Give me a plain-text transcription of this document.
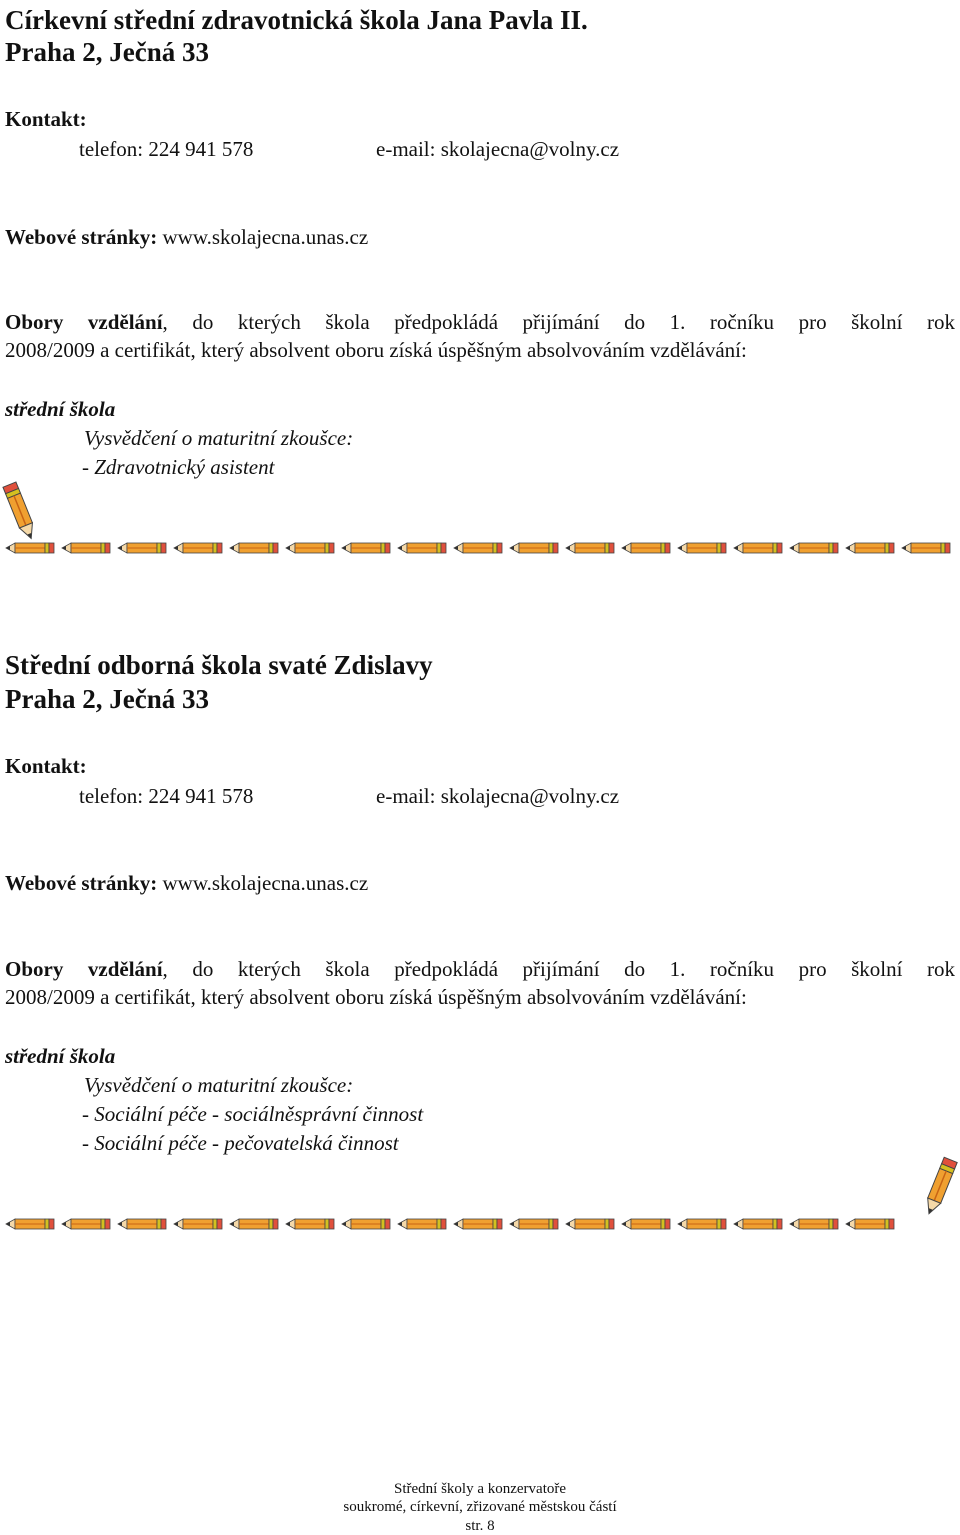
Církevní střední zdravotnická škola Jana Pavla II.
Praha 2, Ječná 33
Kontakt:
telefon: 224 941 578	e-mail: skolajecna@volny.cz
Webové stránky: www.skolajecna.unas.cz
Obory vzdělání, do kterých škola předpokládá přijímání do 1. ročníku pro školní rok
2008/2009 a certifikát, který absolvent oboru získá úspěšným absolvováním vzdělávání:
střední škola
Vysvědčení o maturitní zkoušce:
- Zdravotnický asistent
Střední odborná škola svaté Zdislavy
Praha 2, Ječná 33
Kontakt:
telefon: 224 941 578	e-mail: skolajecna@volny.cz
Webové stránky: www.skolajecna.unas.cz
Obory vzdělání, do kterých škola předpokládá přijímání do 1. ročníku pro školní rok
2008/2009 a certifikát, který absolvent oboru získá úspěšným absolvováním vzdělávání:
střední škola
Vysvědčení o maturitní zkoušce:
- Sociální péče - sociálněsprávní činnost
- Sociální péče - pečovatelská činnost
Střední školy a konzervatoře
soukromé, církevní, zřizované městskou částí
str. 8
